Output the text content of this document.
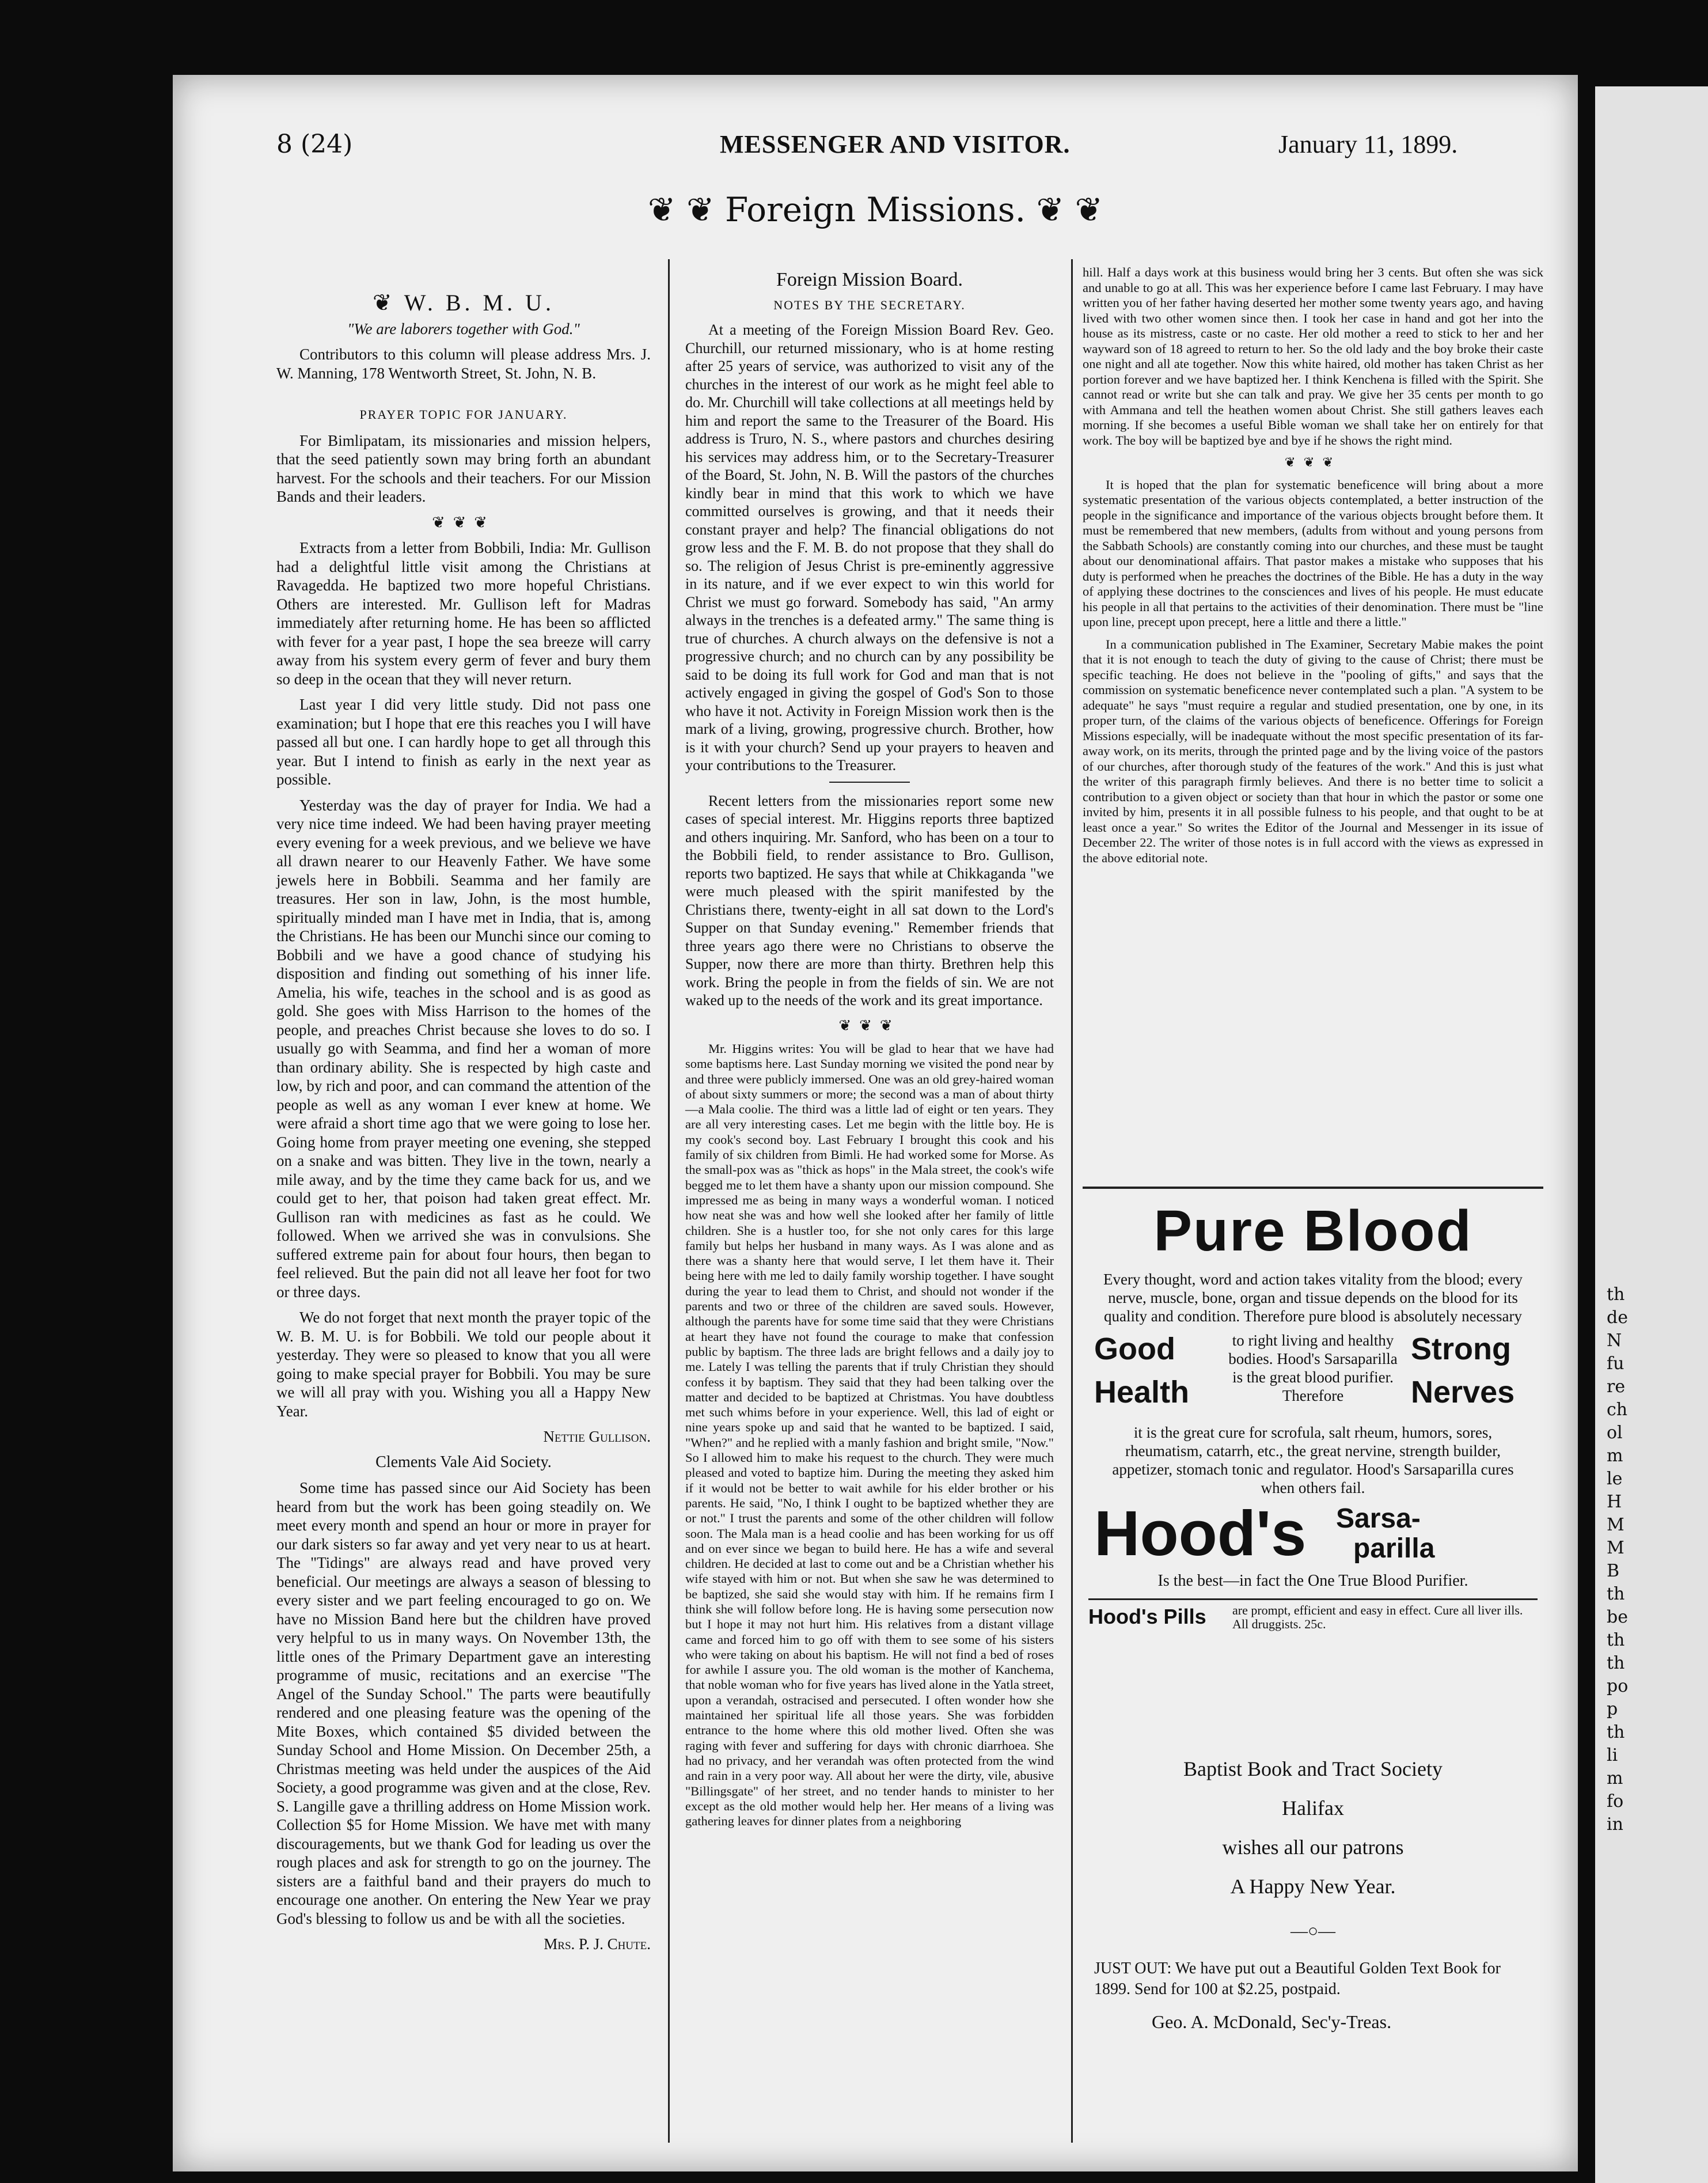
th
de
N
fu
re
ch
ol
m
le
H
M
M
B
th
be
th
th
po
p
th
li
m
fo
in
8 (24)	MESSENGER AND VISITOR.	January 11, 1899.
❦ ❦ Foreign Missions. ❦ ❦

❦ W. B. M. U.

"We are laborers together with God."

Contributors to this column will please address Mrs. J. W. Manning, 178 Wentworth Street, St. John, N. B.

PRAYER TOPIC FOR JANUARY.

For Bimlipatam, its missionaries and mission helpers, that the seed patiently sown may bring forth an abundant harvest. For the schools and their teachers. For our Mission Bands and their leaders.

❦❦❦

Extracts from a letter from Bobbili, India: Mr. Gullison had a delightful little visit among the Christians at Ravagedda. He baptized two more hopeful Christians. Others are interested. Mr. Gullison left for Madras immediately after returning home. He has been so afflicted with fever for a year past, I hope the sea breeze will carry away from his system every germ of fever and bury them so deep in the ocean that they will never return.

Last year I did very little study. Did not pass one examination; but I hope that ere this reaches you I will have passed all but one. I can hardly hope to get all through this year. But I intend to finish as early in the next year as possible.

Yesterday was the day of prayer for India. We had a very nice time indeed. We had been having prayer meeting every evening for a week previous, and we believe we have all drawn nearer to our Heavenly Father. We have some jewels here in Bobbili. Seamma and her family are treasures. Her son in law, John, is the most humble, spiritually minded man I have met in India, that is, among the Christians. He has been our Munchi since our coming to Bobbili and we have a good chance of studying his disposition and finding out something of his inner life. Amelia, his wife, teaches in the school and is as good as gold. She goes with Miss Harrison to the homes of the people, and preaches Christ because she loves to do so. I usually go with Seamma, and find her a woman of more than ordinary ability. She is respected by high caste and low, by rich and poor, and can command the attention of the people as well as any woman I ever knew at home. We were afraid a short time ago that we were going to lose her. Going home from prayer meeting one evening, she stepped on a snake and was bitten. They live in the town, nearly a mile away, and by the time they came back for us, and we could get to her, that poison had taken great effect. Mr. Gullison ran with medicines as fast as he could. We followed. When we arrived she was in convulsions. She suffered extreme pain for about four hours, then began to feel relieved. But the pain did not all leave her foot for two or three days.

We do not forget that next month the prayer topic of the W. B. M. U. is for Bobbili. We told our people about it yesterday. They were so pleased to know that you all were going to make special prayer for Bobbili. You may be sure we will all pray with you. Wishing you all a Happy New Year.

Nettie Gullison.

Clements Vale Aid Society.

Some time has passed since our Aid Society has been heard from but the work has been going steadily on. We meet every month and spend an hour or more in prayer for our dark sisters so far away and yet very near to us at heart. The "Tidings" are always read and have proved very beneficial. Our meetings are always a season of blessing to every sister and we part feeling encouraged to go on. We have no Mission Band here but the children have proved very helpful to us in many ways. On November 13th, the little ones of the Primary Department gave an interesting programme of music, recitations and an exercise "The Angel of the Sunday School." The parts were beautifully rendered and one pleasing feature was the opening of the Mite Boxes, which contained $5 divided between the Sunday School and Home Mission. On December 25th, a Christmas meeting was held under the auspices of the Aid Society, a good programme was given and at the close, Rev. S. Langille gave a thrilling address on Home Mission work. Collection $5 for Home Mission. We have met with many discouragements, but we thank God for leading us over the rough places and ask for strength to go on the journey. The sisters are a faithful band and their prayers do much to encourage one another. On entering the New Year we pray God's blessing to follow us and be with all the societies.

Mrs. P. J. Chute.

Foreign Mission Board.

NOTES BY THE SECRETARY.

At a meeting of the Foreign Mission Board Rev. Geo. Churchill, our returned missionary, who is at home resting after 25 years of service, was authorized to visit any of the churches in the interest of our work as he might feel able to do. Mr. Churchill will take collections at all meetings held by him and report the same to the Treasurer of the Board. His address is Truro, N. S., where pastors and churches desiring his services may address him, or to the Secretary-Treasurer of the Board, St. John, N. B. Will the pastors of the churches kindly bear in mind that this work to which we have committed ourselves is growing, and that it needs their constant prayer and help? The financial obligations do not grow less and the F. M. B. do not propose that they shall do so. The religion of Jesus Christ is pre-eminently aggressive in its nature, and if we ever expect to win this world for Christ we must go forward. Somebody has said, "An army always in the trenches is a defeated army." The same thing is true of churches. A church always on the defensive is not a progressive church; and no church can by any possibility be said to be doing its full work for God and man that is not actively engaged in giving the gospel of God's Son to those who have it not. Activity in Foreign Mission work then is the mark of a living, growing, progressive church. Brother, how is it with your church? Send up your prayers to heaven and your contributions to the Treasurer.

Recent letters from the missionaries report some new cases of special interest. Mr. Higgins reports three baptized and others inquiring. Mr. Sanford, who has been on a tour to the Bobbili field, to render assistance to Bro. Gullison, reports two baptized. He says that while at Chikkaganda "we were much pleased with the spirit manifested by the Christians there, twenty-eight in all sat down to the Lord's Supper on that Sunday evening." Remember friends that three years ago there were no Christians to observe the Supper, now there are more than thirty. Brethren help this work. Bring the people in from the fields of sin. We are not waked up to the needs of the work and its great importance.

❦❦❦

Mr. Higgins writes: You will be glad to hear that we have had some baptisms here. Last Sunday morning we visited the pond near by and three were publicly immersed. One was an old grey-haired woman of about sixty summers or more; the second was a man of about thirty—a Mala coolie. The third was a little lad of eight or ten years. They are all very interesting cases. Let me begin with the little boy. He is my cook's second boy. Last February I brought this cook and his family of six children from Bimli. He had worked some for Morse. As the small-pox was as "thick as hops" in the Mala street, the cook's wife begged me to let them have a shanty upon our mission compound. She impressed me as being in many ways a wonderful woman. I noticed how neat she was and how well she looked after her family of little children. She is a hustler too, for she not only cares for this large family but helps her husband in many ways. As I was alone and as there was a shanty here that would serve, I let them have it. Their being here with me led to daily family worship together. I have sought during the year to lead them to Christ, and should not wonder if the parents and two or three of the children are saved souls. However, although the parents have for some time said that they were Christians at heart they have not found the courage to make that confession public by baptism. The three lads are bright fellows and a daily joy to me. Lately I was telling the parents that if truly Christian they should confess it by baptism. They said that they had been talking over the matter and decided to be baptized at Christmas. You have doubtless met such whims before in your experience. Well, this lad of eight or nine years spoke up and said that he wanted to be baptized. I said, "When?" and he replied with a manly fashion and bright smile, "Now." So I allowed him to make his request to the church. They were much pleased and voted to baptize him. During the meeting they asked him if it would not be better to wait awhile for his elder brother or his parents. He said, "No, I think I ought to be baptized whether they are or not." I trust the parents and some of the other children will follow soon. The Mala man is a head coolie and has been working for us off and on ever since we began to build here. He has a wife and several children. He decided at last to come out and be a Christian whether his wife stayed with him or not. But when she saw he was determined to be baptized, she said she would stay with him. If he remains firm I think she will follow before long. He is having some persecution now but I hope it may not hurt him. His relatives from a distant village came and forced him to go off with them to see some of his sisters who were taking on about his baptism. He will not find a bed of roses for awhile I assure you. The old woman is the mother of Kanchema, that noble woman who for five years has lived alone in the Yatla street, upon a verandah, ostracised and persecuted. I often wonder how she maintained her spiritual life all those years. She was forbidden entrance to the home where this old mother lived. Often she was raging with fever and suffering for days with chronic diarrhoea. She had no privacy, and her verandah was often protected from the wind and rain in a very poor way. All about her were the dirty, vile, abusive "Billingsgate" of her street, and no tender hands to minister to her except as the old mother would help her. Her means of a living was gathering leaves for dinner plates from a neighboring

hill. Half a days work at this business would bring her 3 cents. But often she was sick and unable to go at all. This was her experience before I came last February. I may have written you of her father having deserted her mother some twenty years ago, and having lived with two other women since then. I took her case in hand and got her into the house as its mistress, caste or no caste. Her old mother a reed to stick to her and her wayward son of 18 agreed to return to her. So the old lady and the boy broke their caste one night and all ate together. Now this white haired, old mother has taken Christ as her portion forever and we have baptized her. I think Kenchena is filled with the Spirit. She cannot read or write but she can talk and pray. We give her 35 cents per month to go with Ammana and tell the heathen women about Christ. She still gathers leaves each morning. If she becomes a useful Bible woman we shall take her on entirely for that work. The boy will be baptized bye and bye if he shows the right mind.

❦❦❦

It is hoped that the plan for systematic beneficence will bring about a more systematic presentation of the various objects contemplated, a better instruction of the people in the significance and importance of the various objects brought before them. It must be remembered that new members, (adults from without and young persons from the Sabbath Schools) are constantly coming into our churches, and these must be taught about our denominational affairs. That pastor makes a mistake who supposes that his duty is performed when he preaches the doctrines of the Bible. He has a duty in the way of applying these doctrines to the consciences and lives of his people. He must educate his people in all that pertains to the activities of their denomination. There must be "line upon line, precept upon precept, here a little and there a little."

In a communication published in The Examiner, Secretary Mabie makes the point that it is not enough to teach the duty of giving to the cause of Christ; there must be specific teaching. He does not believe in the "pooling of gifts," and says that the commission on systematic beneficence never contemplated such a plan. "A system to be adequate" he says "must require a regular and studied presentation, one by one, in its proper turn, of the claims of the various objects of beneficence. Offerings for Foreign Missions especially, will be inadequate without the most specific presentation of its far-away work, on its merits, through the printed page and by the living voice of the pastors of our churches, after thorough study of the features of the work." And this is just what the writer of this paragraph firmly believes. And there is no better time to solicit a contribution to a given object or society than that hour in which the pastor or some one invited by him, presents it in all possible fulness to his people, and that ought to be at least once a year." So writes the Editor of the Journal and Messenger in its issue of December 22. The writer of those notes is in full accord with the views as expressed in the above editorial note.

Pure Blood
Every thought, word and action takes vitality from the blood; every nerve, muscle, bone, organ and tissue depends on the blood for its quality and condition. Therefore pure blood is absolutely necessary
Good
Health
to right living and healthy bodies. Hood's Sarsaparilla is the great blood purifier. Therefore
Strong
Nerves
it is the great cure for scrofula, salt rheum, humors, sores, rheumatism, catarrh, etc., the great nervine, strength builder, appetizer, stomach tonic and regulator. Hood's Sarsaparilla cures when others fail.
Hood's Sarsa-
parilla
Is the best—in fact the One True Blood Purifier.
Hood's Pills are prompt, efficient and easy in effect. Cure all liver ills. All druggists. 25c.
Baptist Book and Tract Society
Halifax
wishes all our patrons
A Happy New Year.
—○—
JUST OUT: We have put out a Beautiful Golden Text Book for 1899. Send for 100 at $2.25, postpaid.
Geo. A. McDonald, Sec'y-Treas.
